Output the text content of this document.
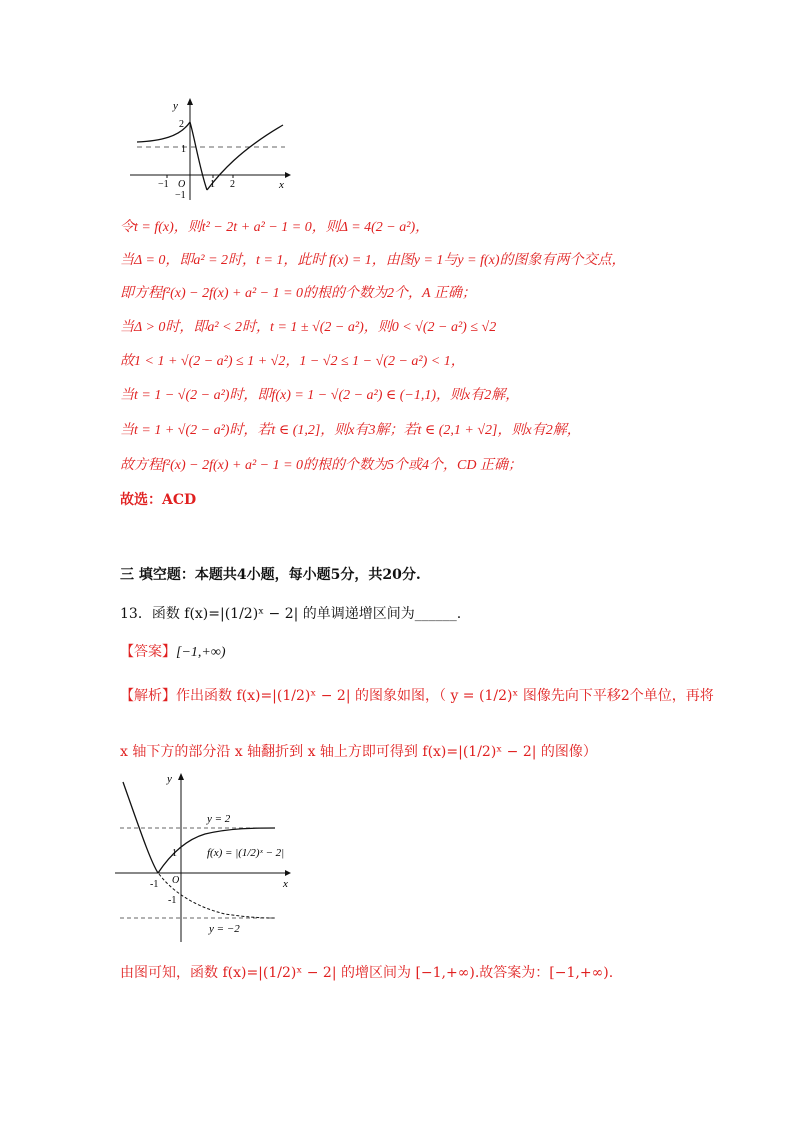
y
x
2
1
−1
−1 O 1 2
令t = f(x)，则t² − 2t + a² − 1 = 0，则Δ = 4(2 − a²)，
当Δ = 0，即a² = 2时，t = 1，此时 f(x) = 1，由图y = 1与y = f(x)的图象有两个交点，
即方程f²(x) − 2f(x) + a² − 1 = 0的根的个数为2个，A 正确；
当Δ > 0时，即a² < 2时，t = 1 ± √(2 − a²)，则0 < √(2 − a²) ≤ √2
故1 < 1 + √(2 − a²) ≤ 1 + √2，1 − √2 ≤ 1 − √(2 − a²) < 1，
当t = 1 − √(2 − a²)时，即f(x) = 1 − √(2 − a²) ∈ (−1,1)，则x有2解，
当t = 1 + √(2 − a²)时，若t ∈ (1,2]，则x有3解；若t ∈ (2,1 + √2]，则x有2解，
故方程f²(x) − 2f(x) + a² − 1 = 0的根的个数为5个或4个，CD 正确；
故选：ACD
三 填空题：本题共4小题，每小题5分，共20分.
13．函数 f(x)=|(1/2)ˣ − 2| 的单调递增区间为______.
【答案】[−1,+∞)
【解析】作出函数 f(x)=|(1/2)ˣ − 2| 的图象如图，（ y = (1/2)ˣ 图像先向下平移2个单位，再将
x 轴下方的部分沿 x 轴翻折到 x 轴上方即可得到 f(x)=|(1/2)ˣ − 2| 的图像）
y
x
y = 2
y = −2
f(x) = |(1/2)ˣ − 2|
1
-1 O
-1
由图可知，函数 f(x)=|(1/2)ˣ − 2| 的增区间为 [−1,+∞).故答案为：[−1,+∞).
